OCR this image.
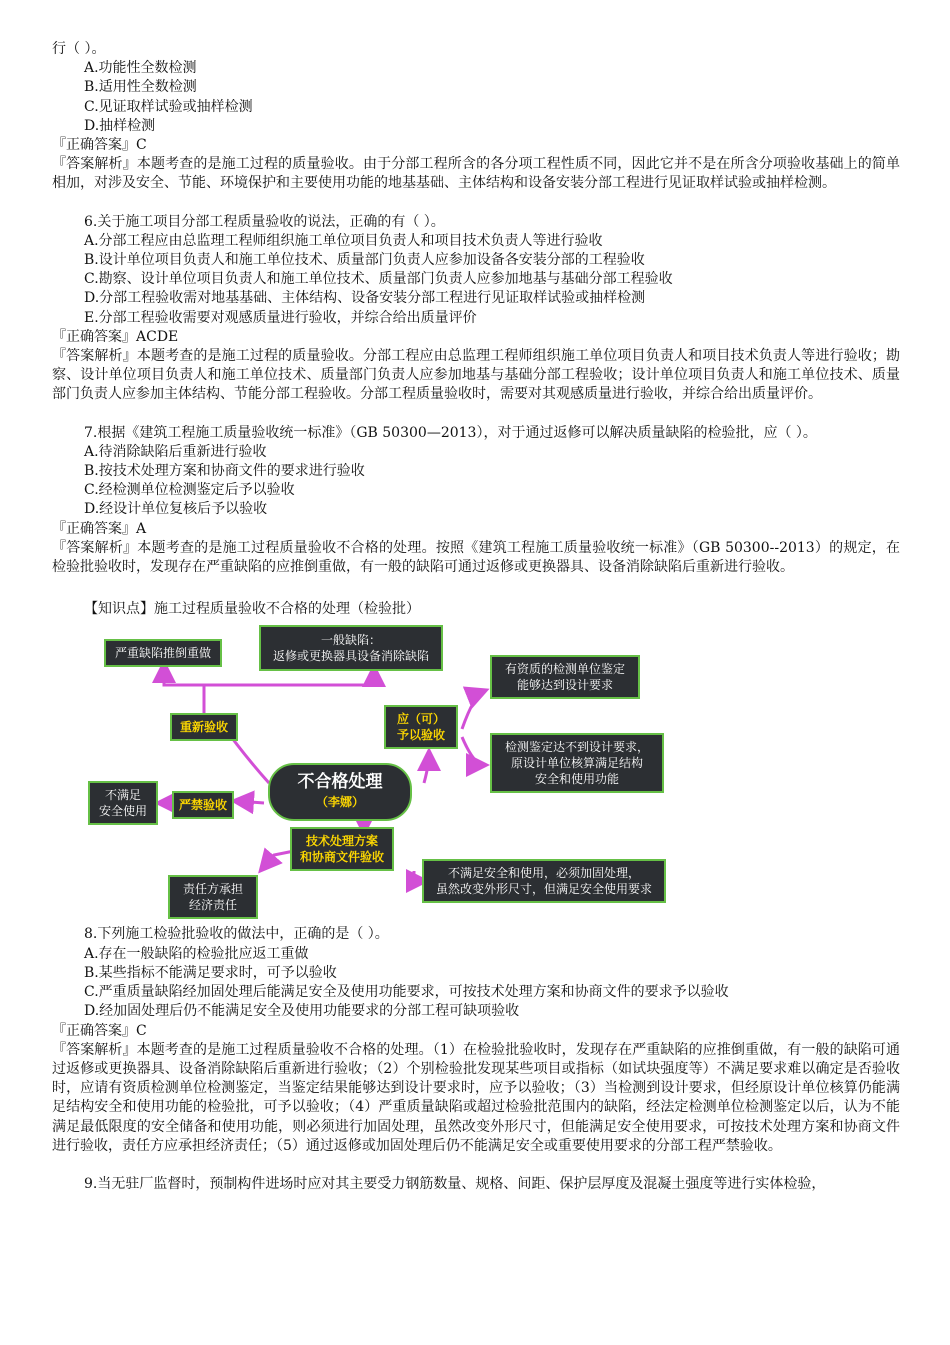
行（ ）。
A.功能性全数检测
B.适用性全数检测
C.见证取样试验或抽样检测
D.抽样检测
『正确答案』C
『答案解析』本题考查的是施工过程的质量验收。由于分部工程所含的各分项工程性质不同，因此它并不是在所含分项验收基础上的简单相加，对涉及安全、节能、环境保护和主要使用功能的地基基础、主体结构和设备安装分部工程进行见证取样试验或抽样检测。
6.关于施工项目分部工程质量验收的说法，正确的有（ ）。
A.分部工程应由总监理工程师组织施工单位项目负责人和项目技术负责人等进行验收
B.设计单位项目负责人和施工单位技术、质量部门负责人应参加设备各安装分部的工程验收
C.勘察、设计单位项目负责人和施工单位技术、质量部门负责人应参加地基与基础分部工程验收
D.分部工程验收需对地基基础、主体结构、设备安装分部工程进行见证取样试验或抽样检测
E.分部工程验收需要对观感质量进行验收，并综合给出质量评价
『正确答案』ACDE
『答案解析』本题考查的是施工过程的质量验收。分部工程应由总监理工程师组织施工单位项目负责人和项目技术负责人等进行验收；勘察、设计单位项目负责人和施工单位技术、质量部门负责人应参加地基与基础分部工程验收；设计单位项目负责人和施工单位技术、质量部门负责人应参加主体结构、节能分部工程验收。分部工程质量验收时，需要对其观感质量进行验收，并综合给出质量评价。
7.根据《建筑工程施工质量验收统一标准》（GB 50300—2013），对于通过返修可以解决质量缺陷的检验批，应（ ）。
A.待消除缺陷后重新进行验收
B.按技术处理方案和协商文件的要求进行验收
C.经检测单位检测鉴定后予以验收
D.经设计单位复核后予以验收
『正确答案』A
『答案解析』本题考查的是施工过程质量验收不合格的处理。按照《建筑工程施工质量验收统一标准》（GB 50300--2013）的规定，在检验批验收时，发现存在严重缺陷的应推倒重做，有一般的缺陷可通过返修或更换器具、设备消除缺陷后重新进行验收。
【知识点】施工过程质量验收不合格的处理（检验批）
严重缺陷推倒重做
一般缺陷：
返修或更换器具设备消除缺陷
重新验收
应（可）
予以验收
有资质的检测单位鉴定
能够达到设计要求
检测鉴定达不到设计要求，
原设计单位核算满足结构
安全和使用功能
不合格处理
（李娜）
严禁验收
不满足
安全使用
技术处理方案
和协商文件验收
不满足安全和使用，必须加固处理，
虽然改变外形尺寸，但满足安全使用要求
责任方承担
经济责任
8.下列施工检验批验收的做法中，正确的是（ ）。
A.存在一般缺陷的检验批应返工重做
B.某些指标不能满足要求时，可予以验收
C.严重质量缺陷经加固处理后能满足安全及使用功能要求，可按技术处理方案和协商文件的要求予以验收
D.经加固处理后仍不能满足安全及使用功能要求的分部工程可缺项验收
『正确答案』C
『答案解析』本题考查的是施工过程质量验收不合格的处理。（1）在检验批验收时，发现存在严重缺陷的应推倒重做，有一般的缺陷可通过返修或更换器具、设备消除缺陷后重新进行验收；（2）个别检验批发现某些项目或指标（如试块强度等）不满足要求难以确定是否验收时，应请有资质检测单位检测鉴定，当鉴定结果能够达到设计要求时，应予以验收；（3）当检测到设计要求，但经原设计单位核算仍能满足结构安全和使用功能的检验批，可予以验收；（4）严重质量缺陷或超过检验批范围内的缺陷，经法定检测单位检测鉴定以后，认为不能满足最低限度的安全储备和使用功能，则必须进行加固处理，虽然改变外形尺寸，但能满足安全使用要求，可按技术处理方案和协商文件进行验收，责任方应承担经济责任；（5）通过返修或加固处理后仍不能满足安全或重要使用要求的分部工程严禁验收。
9.当无驻厂监督时，预制构件进场时应对其主要受力钢筋数量、规格、间距、保护层厚度及混凝土强度等进行实体检验，
